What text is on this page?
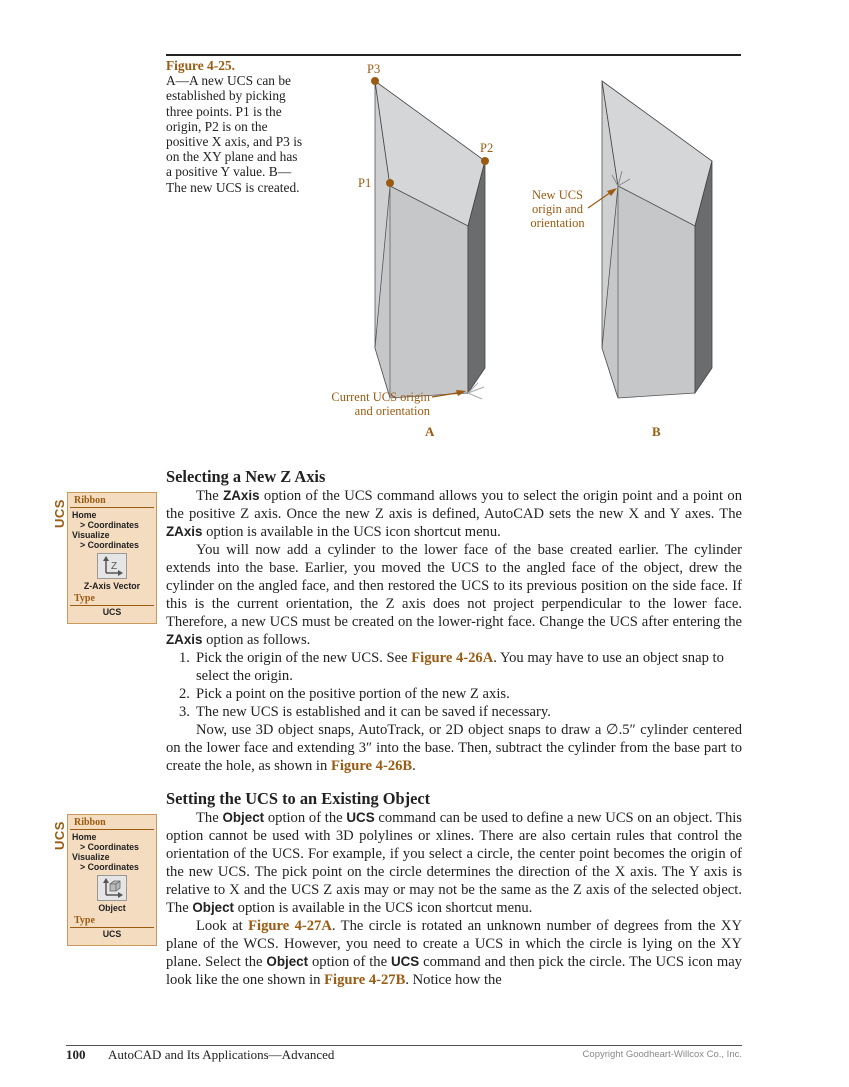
Figure 4-25.
A—A new UCS can be established by picking three points. P1 is the origin, P2 is on the positive X axis, and P3 is on the XY plane and has a positive Y value. B—The new UCS is created.
P3
P2
P1
Current UCS origin
and orientation
New UCS
origin and
orientation
A	B
Selecting a New Z Axis

The ZAxis option of the UCS command allows you to select the origin point and a point on the positive Z axis. Once the new Z axis is defined, AutoCAD sets the new X and Y axes. The ZAxis option is available in the UCS icon shortcut menu.

You will now add a cylinder to the lower face of the base created earlier. The cylinder extends into the base. Earlier, you moved the UCS to the angled face of the object, drew the cylinder on the angled face, and then restored the UCS to its previous position on the side face. If this is the current orientation, the Z axis does not project perpendicular to the lower face. Therefore, a new UCS must be created on the lower-right face. Change the UCS after entering the ZAxis option as follows.

1. Pick the origin of the new UCS. See Figure 4-26A. You may have to use an object snap to select the origin.
2. Pick a point on the positive portion of the new Z axis.
3. The new UCS is established and it can be saved if necessary.

Now, use 3D object snaps, AutoTrack, or 2D object snaps to draw a ∅.5″ cylinder centered on the lower face and extending 3″ into the base. Then, subtract the cylinder from the base part to create the hole, as shown in Figure 4-26B.

Setting the UCS to an Existing Object

The Object option of the UCS command can be used to define a new UCS on an object. This option cannot be used with 3D polylines or xlines. There are also certain rules that control the orientation of the UCS. For example, if you select a circle, the center point becomes the origin of the new UCS. The pick point on the circle determines the direction of the X axis. The Y axis is relative to X and the UCS Z axis may or may not be the same as the Z axis of the selected object. The Object option is available in the UCS icon shortcut menu.

Look at Figure 4-27A. The circle is rotated an unknown number of degrees from the XY plane of the WCS. However, you need to create a UCS in which the circle is lying on the XY plane. Select the Object option of the UCS command and then pick the circle. The UCS icon may look like the one shown in Figure 4-27B. Notice how the

UCS Ribbon
Home
> Coordinates
Visualize
> Coordinates
Z
Z-Axis Vector
Type
UCS
UCS Ribbon
Home
> Coordinates
Visualize
> Coordinates
Object
Type
UCS
100 AutoCAD and Its Applications—Advanced	Copyright Goodheart-Willcox Co., Inc.
